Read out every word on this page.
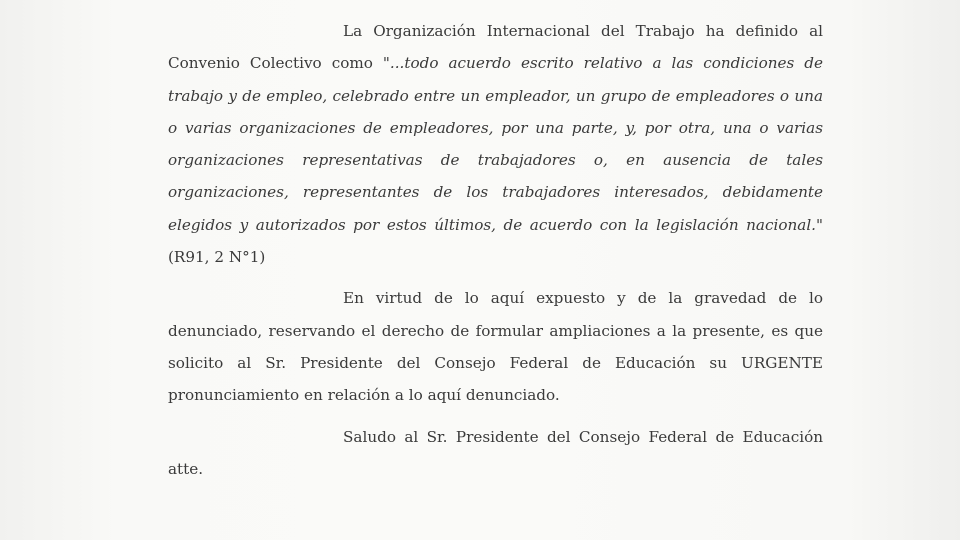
La Organización Internacional del Trabajo ha definido al Convenio Colectivo como "...todo acuerdo escrito relativo a las condiciones de trabajo y de empleo, celebrado entre un empleador, un grupo de empleadores o una o varias organizaciones de empleadores, por una parte, y, por otra, una o varias organizaciones representativas de trabajadores o, en ausencia de tales organizaciones, representantes de los trabajadores interesados, debidamente elegidos y autorizados por estos últimos, de acuerdo con la legislación nacional." (R91, 2 N°1)

En virtud de lo aquí expuesto y de la gravedad de lo denunciado, reservando el derecho de formular ampliaciones a la presente, es que solicito al Sr. Presidente del Consejo Federal de Educación su URGENTE pronunciamiento en relación a lo aquí denunciado.

Saludo al Sr. Presidente del Consejo Federal de Educación atte.
